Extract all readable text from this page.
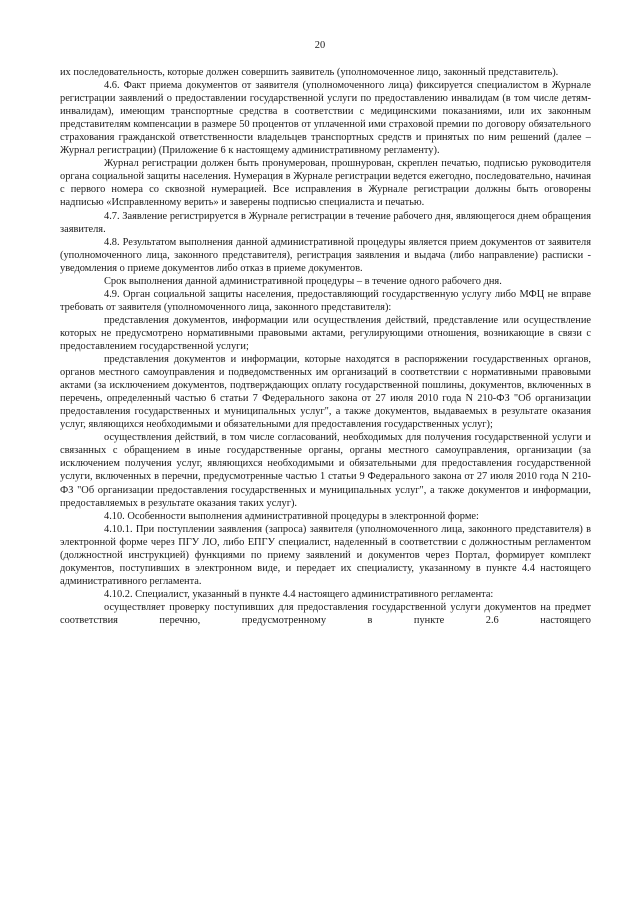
20

их последовательность, которые должен совершить заявитель (уполномоченное лицо, законный представитель).

4.6. Факт приема документов от заявителя (уполномоченного лица) фиксируется специалистом в Журнале регистрации заявлений о предоставлении государственной услуги по предоставлению инвалидам (в том числе детям-инвалидам), имеющим транспортные средства в соответствии с медицинскими показаниями, или их законным представителям компенсации в размере 50 процентов от уплаченной ими страховой премии по договору обязательного страхования гражданской ответственности владельцев транспортных средств и принятых по ним решений (далее – Журнал регистрации) (Приложение 6 к настоящему административному регламенту).

Журнал регистрации должен быть пронумерован, прошнурован, скреплен печатью, подписью руководителя органа социальной защиты населения. Нумерация в Журнале регистрации ведется ежегодно, последовательно, начиная с первого номера со сквозной нумерацией. Все исправления в Журнале регистрации должны быть оговорены надписью «Исправленному верить» и заверены подписью специалиста и печатью.

4.7. Заявление регистрируется в Журнале регистрации в течение рабочего дня, являющегося днем обращения заявителя.

4.8. Результатом выполнения данной административной процедуры является прием документов от заявителя (уполномоченного лица, законного представителя), регистрация заявления и выдача (либо направление) расписки - уведомления о приеме документов либо отказ в приеме документов.

Срок выполнения данной административной процедуры – в течение одного рабочего дня.

4.9. Орган социальной защиты населения, предоставляющий государственную услугу либо МФЦ не вправе требовать от заявителя (уполномоченного лица, законного представителя):

представления документов, информации или осуществления действий, представление или осуществление которых не предусмотрено нормативными правовыми актами, регулирующими отношения, возникающие в связи с предоставлением государственной услуги;

представления документов и информации, которые находятся в распоряжении государственных органов, органов местного самоуправления и подведомственных им организаций в соответствии с нормативными правовыми актами (за исключением документов, подтверждающих оплату государственной пошлины, документов, включенных в перечень, определенный частью 6 статьи 7 Федерального закона от 27 июля 2010 года N 210-ФЗ "Об организации предоставления государственных и муниципальных услуг", а также документов, выдаваемых в результате оказания услуг, являющихся необходимыми и обязательными для предоставления государственных услуг);

осуществления действий, в том числе согласований, необходимых для получения государственной услуги и связанных с обращением в иные государственные органы, органы местного самоуправления, организации (за исключением получения услуг, являющихся необходимыми и обязательными для предоставления государственной услуги, включенных в перечни, предусмотренные частью 1 статьи 9 Федерального закона от 27 июля 2010 года N 210-ФЗ "Об организации предоставления государственных и муниципальных услуг", а также документов и информации, предоставляемых в результате оказания таких услуг).

4.10. Особенности выполнения административной процедуры в электронной форме:

4.10.1. При поступлении заявления (запроса) заявителя (уполномоченного лица, законного представителя) в электронной форме через ПГУ ЛО, либо ЕПГУ специалист, наделенный в соответствии с должностным регламентом (должностной инструкцией) функциями по приему заявлений и документов через Портал, формирует комплект документов, поступивших в электронном виде, и передает их специалисту, указанному в пункте 4.4 настоящего административного регламента.

4.10.2. Специалист, указанный в пункте 4.4 настоящего административного регламента:

осуществляет проверку поступивших для предоставления государственной услуги документов на предмет соответствия перечню, предусмотренному в пункте 2.6 настоящего
